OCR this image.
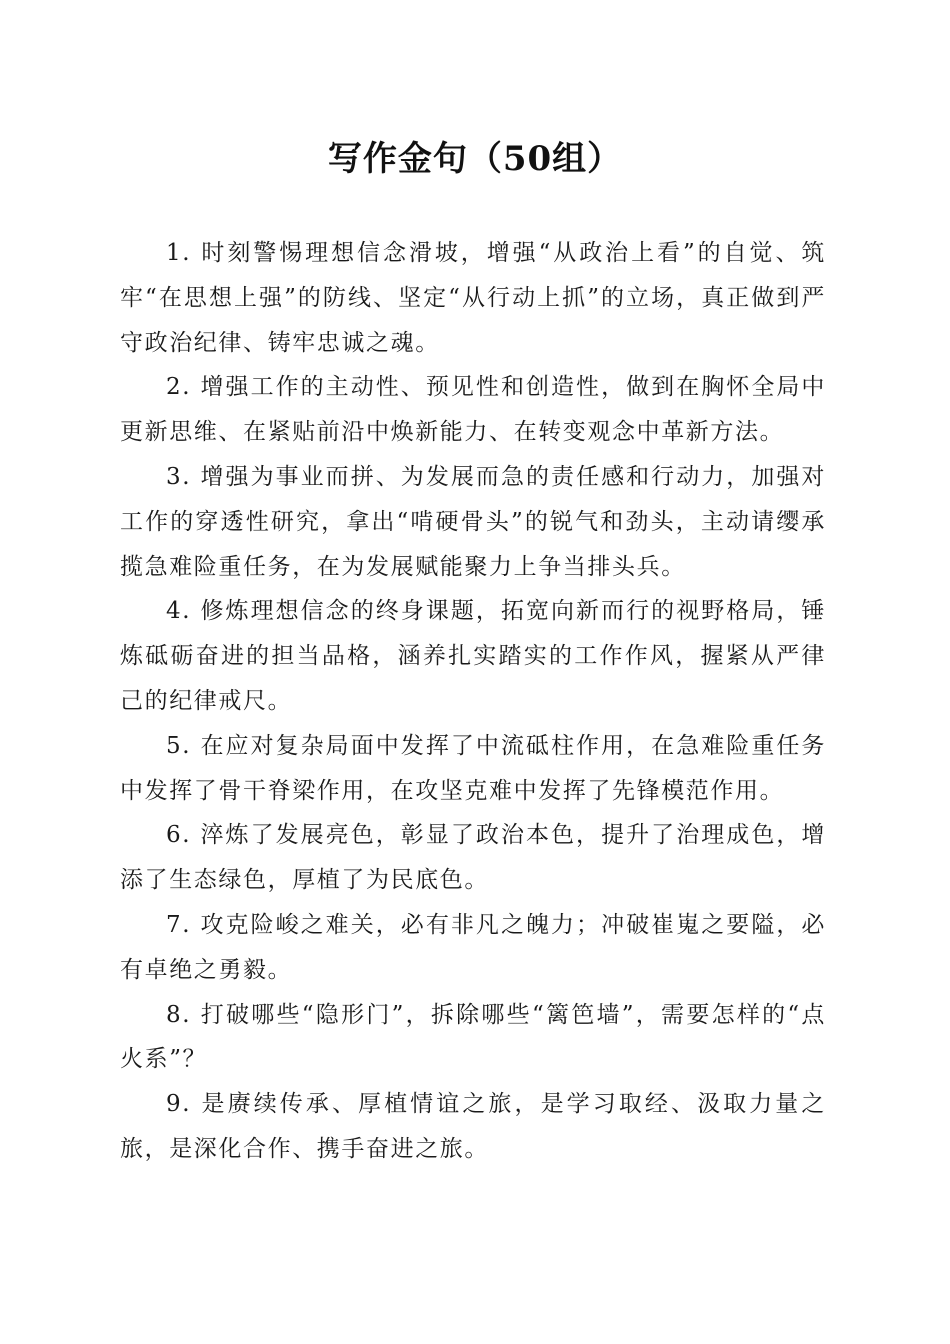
写作金句（50组）

1. 时刻警惕理想信念滑坡，增强“从政治上看”的自觉、筑牢“在思想上强”的防线、坚定“从行动上抓”的立场，真正做到严守政治纪律、铸牢忠诚之魂。

2. 增强工作的主动性、预见性和创造性，做到在胸怀全局中更新思维、在紧贴前沿中焕新能力、在转变观念中革新方法。

3. 增强为事业而拼、为发展而急的责任感和行动力，加强对工作的穿透性研究，拿出“啃硬骨头”的锐气和劲头，主动请缨承揽急难险重任务，在为发展赋能聚力上争当排头兵。

4. 修炼理想信念的终身课题，拓宽向新而行的视野格局，锤炼砥砺奋进的担当品格，涵养扎实踏实的工作作风，握紧从严律己的纪律戒尺。

5. 在应对复杂局面中发挥了中流砥柱作用，在急难险重任务中发挥了骨干脊梁作用，在攻坚克难中发挥了先锋模范作用。

6. 淬炼了发展亮色，彰显了政治本色，提升了治理成色，增添了生态绿色，厚植了为民底色。

7. 攻克险峻之难关，必有非凡之魄力；冲破崔嵬之要隘，必有卓绝之勇毅。

8. 打破哪些“隐形门”，拆除哪些“篱笆墙”，需要怎样的“点火系”？

9. 是赓续传承、厚植情谊之旅，是学习取经、汲取力量之旅，是深化合作、携手奋进之旅。
